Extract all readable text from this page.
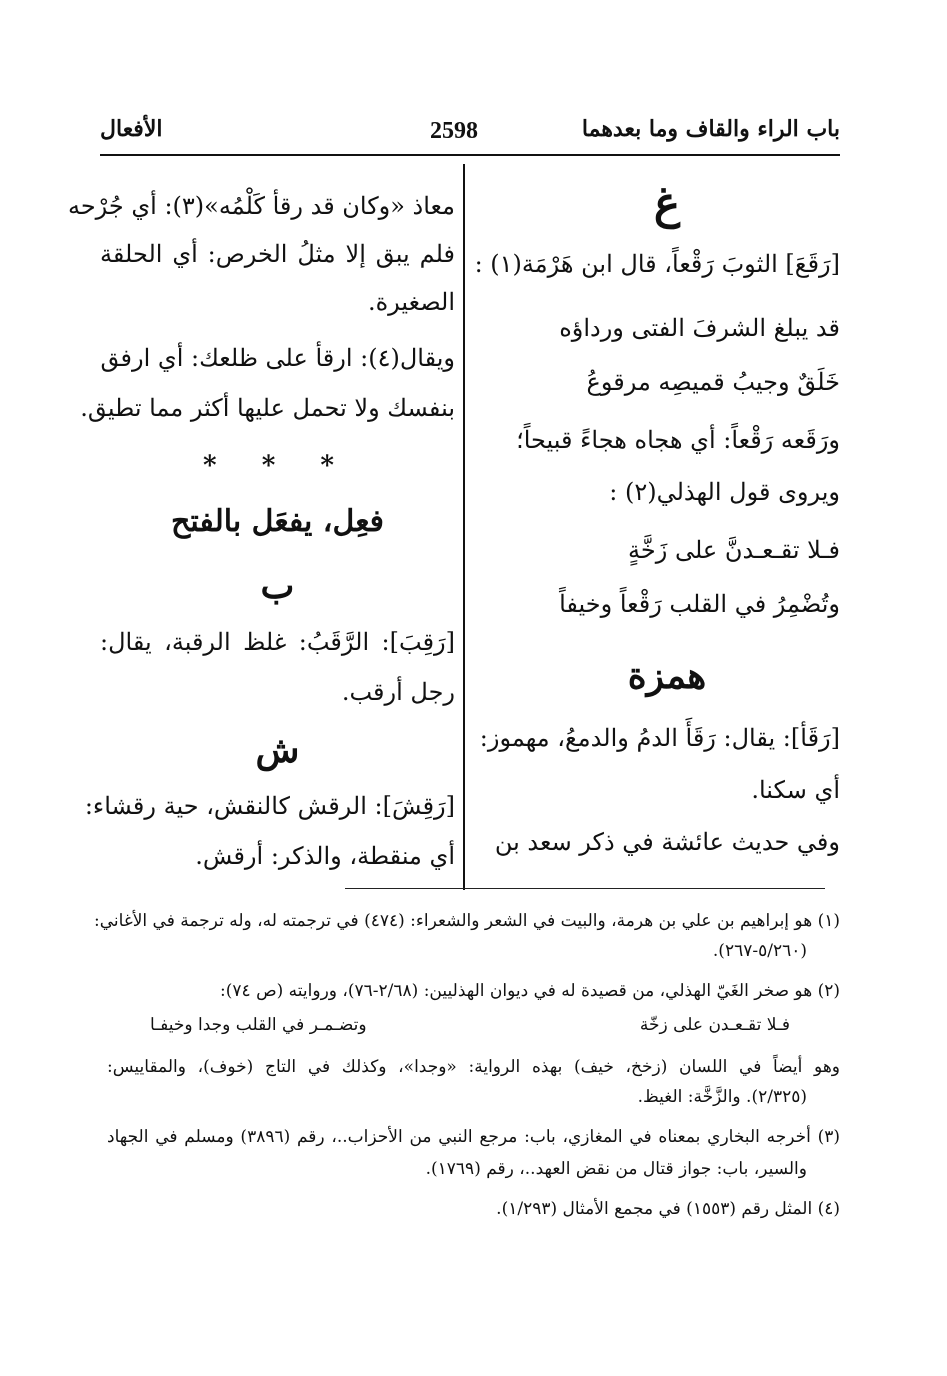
باب الراء والقاف وما بعدهما
2598
الأفعال
غ
[رَقَعَ] الثوبَ رَقْعاً، قال ابن هَرْمَة(١) :
قد يبلغ الشرفَ الفتى ورداؤه
خَلَقٌ وجيبُ قميصِه مرقوعُ
ورَقَعه رَقْعاً: أي هجاه هجاءً قبيحاً؛
ويروى قول الهذلي(٢) :
فـلا تقـعـدنَّ على زَخَّةٍ
وتُضْمِرُ في القلب رَقْعاً وخيفاً
همزة
[رَقَأ]: يقال: رَقَأَ الدمُ والدمعُ، مهموز:
أي سكنا.
وفي حديث عائشة في ذكر سعد بن
معاذ «وكان قد رقأ كَلْمُه»(٣): أي جُرْحه
فلم يبق إلا مثلُ الخرص: أي الحلقة
الصغيرة.
ويقال(٤): ارقأ على ظلعك: أي ارفق
بنفسك ولا تحمل عليها أكثر مما تطيق.
* * *
فعِل، يفعَل بالفتح
ب
[رَقِبَ]: الرَّقَبُ: غلظ الرقبة، يقال:
رجل أرقب.
ش
[رَقِشَ]: الرقش كالنقش، حية رقشاء:
أي منقطة، والذكر: أرقش.
(١) هو إبراهيم بن علي بن هرمة، والبيت في الشعر والشعراء: (٤٧٤) في ترجمته له، وله ترجمة في الأغاني:
(٥/٢٦٠-٢٦٧).
(٢) هو صخر الغَيّ الهذلي، من قصيدة له في ديوان الهذليين: (٢/٦٨-٧٦)، وروايته (ص ٧٤):
فـلا تقـعـدن على زخّة
وتضـمـر في القلب وجدا وخيفـا
وهو أيضاً في اللسان (زخخ، خيف) بهذه الرواية: «وجدا»، وكذلك في التاج (خوف)، والمقاييس:
(٢/٣٢٥). والزَّخَّة: الغيظ.
(٣) أخرجه البخاري بمعناه في المغازي، باب: مرجع النبي من الأحزاب..، رقم (٣٨٩٦) ومسلم في الجهاد
والسير، باب: جواز قتال من نقض العهد..، رقم (١٧٦٩).
(٤) المثل رقم (١٥٥٣) في مجمع الأمثال (١/٢٩٣).
